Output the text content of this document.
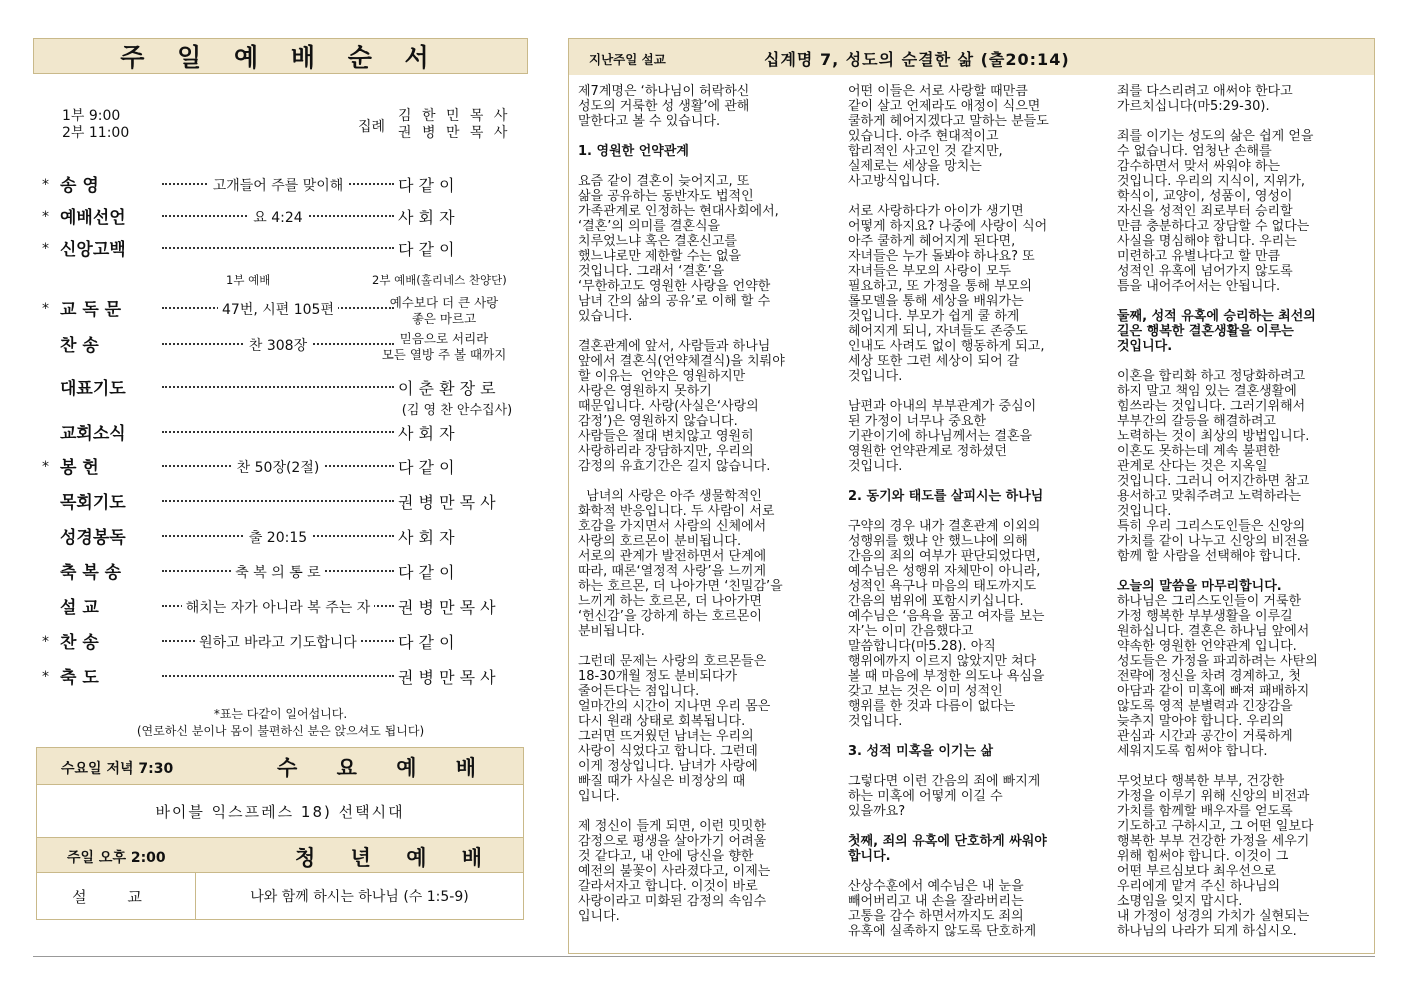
주 일 예 배 순 서
1부 9:00
2부 11:00	집례
김 한 민 목 사
권 병 만 목 사
* 송 영	고개들어 주를 맞이해	다 같 이
* 예배선언	요 4:24	사 회 자
* 신앙고백	다 같 이
* 교 독 문	47번, 시편 105편	예수보다 더 큰 사랑
좋은 마르고
찬 송	찬 308장	믿음으로 서리라
모든 열방 주 볼 때까지
대표기도	이 춘 환 장 로
(김 영 찬 안수집사)
교회소식	사 회 자
* 봉 헌	찬 50장(2절)	다 같 이
목회기도	권 병 만 목 사
성경봉독	출 20:15	사 회 자
축 복 송	축 복 의 통 로	다 같 이
설 교	해치는 자가 아니라 복 주는 자	권 병 만 목 사
* 찬 송	원하고 바라고 기도합니다	다 같 이
* 축 도	권 병 만 목 사
1부 예배	2부 예배(홀리네스 찬양단)
*표는 다같이 일어섭니다.
(연로하신 분이나 몸이 불편하신 분은 앉으셔도 됩니다)
수요일 저녁 7:30	수 요 예 배
바이블 익스프레스 18) 선택시대
주일 오후 2:00	청 년 예 배
설 교	나와 함께 하시는 하나님 (수 1:5-9)
지난주일 설교	십계명 7, 성도의 순결한 삶 (출20:14)

제7계명은 ‘하나님이 허락하신
성도의 거룩한 성 생활’에 관해
말한다고 볼 수 있습니다.

1. 영원한 언약관계

요즘 같이 결혼이 늦어지고, 또
삶을 공유하는 동반자도 법적인
가족관계로 인정하는 현대사회에서,
‘결혼’의 의미를 결혼식을
치루었느냐 혹은 결혼신고를
했느냐로만 제한할 수는 없을
것입니다. 그래서 ‘결혼’을
‘무한하고도 영원한 사랑을 언약한
남녀 간의 삶의 공유’로 이해 할 수
있습니다.

결혼관계에 앞서, 사람들과 하나님
앞에서 결혼식(언약체결식)을 치뤄야
할 이유는  언약은 영원하지만
사랑은 영원하지 못하기
때문입니다. 사랑(사실은‘사랑의
감정’)은 영원하지 않습니다.
사람들은 절대 변치않고 영원히
사랑하리라 장담하지만, 우리의
감정의 유효기간은 길지 않습니다.

남녀의 사랑은 아주 생물학적인
화학적 반응입니다. 두 사람이 서로
호감을 가지면서 사람의 신체에서
사랑의 호르몬이 분비됩니다.
서로의 관계가 발전하면서 단계에
따라, 때론‘열정적 사랑’을 느끼게
하는 호르몬, 더 나아가면 ‘친밀감’을
느끼게 하는 호르몬, 더 나아가면
‘헌신감’을 강하게 하는 호르몬이
분비됩니다.

그런데 문제는 사랑의 호르몬들은
18-30개월 정도 분비되다가
줄어든다는 점입니다.
얼마간의 시간이 지나면 우리 몸은
다시 원래 상태로 회복됩니다.
그러면 뜨거웠던 남녀는 우리의
사랑이 식었다고 합니다. 그런데
이게 정상입니다. 남녀가 사랑에
빠질 때가 사실은 비정상의 때
입니다.

제 정신이 들게 되면, 이런 밋밋한
감정으로 평생을 살아가기 어려울
것 같다고, 내 안에 당신을 향한
예전의 불꽃이 사라졌다고, 이제는
갈라서자고 합니다. 이것이 바로
사랑이라고 미화된 감정의 속임수
입니다.

어떤 이들은 서로 사랑할 때만큼
같이 살고 언제라도 애정이 식으면
쿨하게 헤어지겠다고 말하는 분들도
있습니다. 아주 현대적이고
합리적인 사고인 것 같지만,
실제로는 세상을 망치는
사고방식입니다.

서로 사랑하다가 아이가 생기면
어떻게 하지요? 나중에 사랑이 식어
아주 쿨하게 헤어지게 된다면,
자녀들은 누가 돌봐야 하나요? 또
자녀들은 부모의 사랑이 모두
필요하고, 또 가정을 통해 부모의
롤모델을 통해 세상을 배워가는
것입니다. 부모가 쉽게 쿨 하게
헤어지게 되니, 자녀들도 존중도
인내도 사려도 없이 행동하게 되고,
세상 또한 그런 세상이 되어 갈
것입니다.

남편과 아내의 부부관계가 중심이
된 가정이 너무나 중요한
기관이기에 하나님께서는 결혼을
영원한 언약관계로 정하셨던
것입니다.

2. 동기와 태도를 살피시는 하나님

구약의 경우 내가 결혼관계 이외의
성행위를 했냐 안 했느냐에 의해
간음의 죄의 여부가 판단되었다면,
예수님은 성행위 자체만이 아니라,
성적인 욕구나 마음의 태도까지도
간음의 범위에 포함시키십니다.
예수님은 ‘음욕을 품고 여자를 보는
자’는 이미 간음했다고
말씀합니다(마5.28). 아직
행위에까지 이르지 않았지만 쳐다
볼 때 마음에 부정한 의도나 욕심을
갖고 보는 것은 이미 성적인
행위를 한 것과 다름이 없다는
것입니다.

3. 성적 미혹을 이기는 삶

그렇다면 이런 간음의 죄에 빠지게
하는 미혹에 어떻게 이길 수
있을까요?

첫째, 죄의 유혹에 단호하게 싸워야
합니다.

산상수훈에서 예수님은 내 눈을
빼어버리고 내 손을 잘라버리는
고통을 감수 하면서까지도 죄의
유혹에 실족하지 않도록 단호하게

죄를 다스리려고 애써야 한다고
가르치십니다(마5:29-30).

죄를 이기는 성도의 삶은 쉽게 얻을
수 없습니다. 엄청난 손해를
감수하면서 맞서 싸워야 하는
것입니다. 우리의 지식이, 지위가,
학식이, 교양이, 성품이, 영성이
자신을 성적인 죄로부터 승리할
만큼 충분하다고 장담할 수 없다는
사실을 명심해야 합니다. 우리는
미련하고 유별나다고 할 만큼
성적인 유혹에 넘어가지 않도록
틈을 내어주어서는 안됩니다.

둘째, 성적 유혹에 승리하는 최선의
길은 행복한 결혼생활을 이루는
것입니다.

이혼을 합리화 하고 정당화하려고
하지 말고 책임 있는 결혼생활에
힘쓰라는 것입니다. 그러기위해서
부부간의 갈등을 해결하려고
노력하는 것이 최상의 방법입니다.
이혼도 못하는데 계속 불편한
관계로 산다는 것은 지옥일
것입니다. 그러니 어지간하면 참고
용서하고 맞춰주려고 노력하라는
것입니다.
특히 우리 그리스도인들은 신앙의
가치를 같이 나누고 신앙의 비전을
함께 할 사람을 선택해야 합니다.

오늘의 말씀을 마무리합니다.

하나님은 그리스도인들이 거룩한
가정 행복한 부부생활을 이루길
원하십니다. 결혼은 하나님 앞에서
약속한 영원한 언약관계 입니다.
성도들은 가정을 파괴하려는 사탄의
전략에 정신을 차려 경계하고, 첫
아담과 같이 미혹에 빠져 패배하지
않도록 영적 분별력과 긴장감을
늦추지 말아야 합니다. 우리의
관심과 시간과 공간이 거룩하게
세워지도록 힘써야 합니다.

무엇보다 행복한 부부, 건강한
가정을 이루기 위해 신앙의 비전과
가치를 함께할 배우자를 얻도록
기도하고 구하시고, 그 어떤 일보다
행복한 부부 건강한 가정을 세우기
위해 힘써야 합니다. 이것이 그
어떤 부르심보다 최우선으로
우리에게 맡겨 주신 하나님의
소명임을 잊지 맙시다.
내 가정이 성경의 가치가 실현되는
하나님의 나라가 되게 하십시오.
